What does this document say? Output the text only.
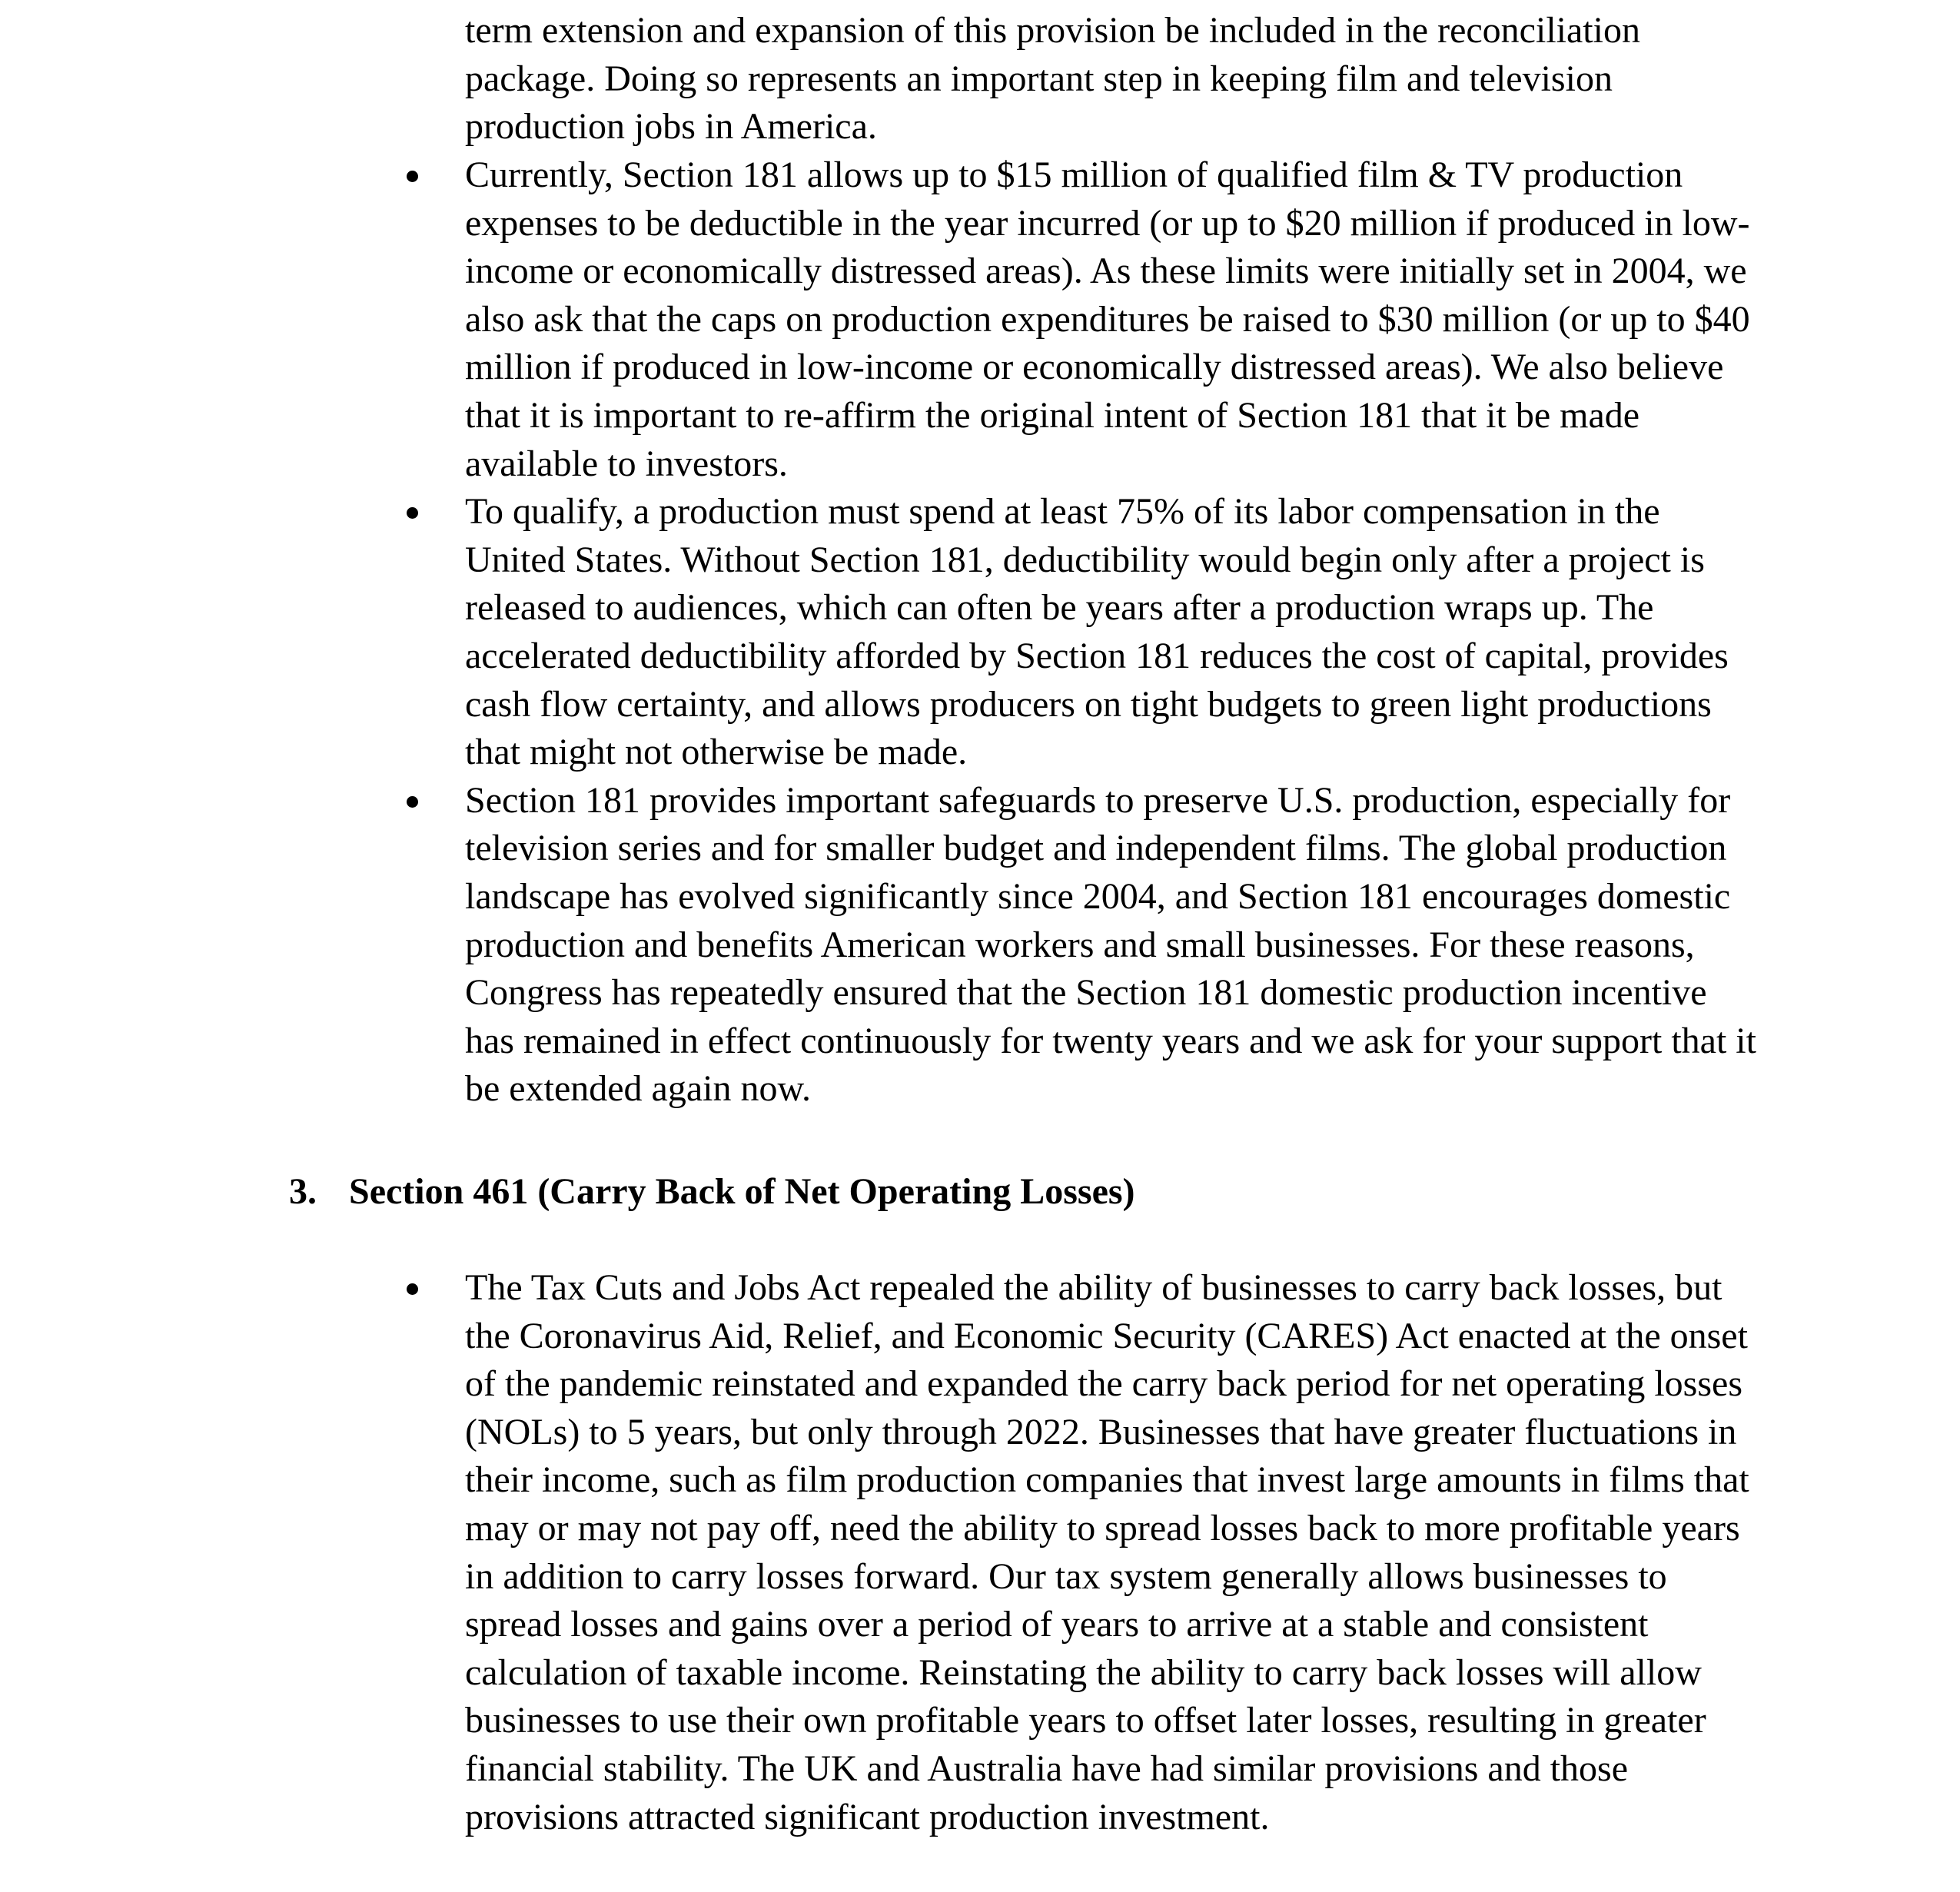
term extension and expansion of this provision be included in the reconciliation package. Doing so represents an important step in keeping film and television production jobs in America.

Currently, Section 181 allows up to $15 million of qualified film & TV production expenses to be deductible in the year incurred (or up to $20 million if produced in low-income or economically distressed areas). As these limits were initially set in 2004, we also ask that the caps on production expenditures be raised to $30 million (or up to $40 million if produced in low-income or economically distressed areas). We also believe that it is important to re-affirm the original intent of Section 181 that it be made available to investors.
To qualify, a production must spend at least 75% of its labor compensation in the United States. Without Section 181, deductibility would begin only after a project is released to audiences, which can often be years after a production wraps up. The accelerated deductibility afforded by Section 181 reduces the cost of capital, provides cash flow certainty, and allows producers on tight budgets to green light productions that might not otherwise be made.
Section 181 provides important safeguards to preserve U.S. production, especially for television series and for smaller budget and independent films. The global production landscape has evolved significantly since 2004, and Section 181 encourages domestic production and benefits American workers and small businesses. For these reasons, Congress has repeatedly ensured that the Section 181 domestic production incentive has remained in effect continuously for twenty years and we ask for your support that it be extended again now.
3. Section 461 (Carry Back of Net Operating Losses)
The Tax Cuts and Jobs Act repealed the ability of businesses to carry back losses, but the Coronavirus Aid, Relief, and Economic Security (CARES) Act enacted at the onset of the pandemic reinstated and expanded the carry back period for net operating losses (NOLs) to 5 years, but only through 2022. Businesses that have greater fluctuations in their income, such as film production companies that invest large amounts in films that may or may not pay off, need the ability to spread losses back to more profitable years in addition to carry losses forward. Our tax system generally allows businesses to spread losses and gains over a period of years to arrive at a stable and consistent calculation of taxable income. Reinstating the ability to carry back losses will allow businesses to use their own profitable years to offset later losses, resulting in greater financial stability. The UK and Australia have had similar provisions and those provisions attracted significant production investment.
